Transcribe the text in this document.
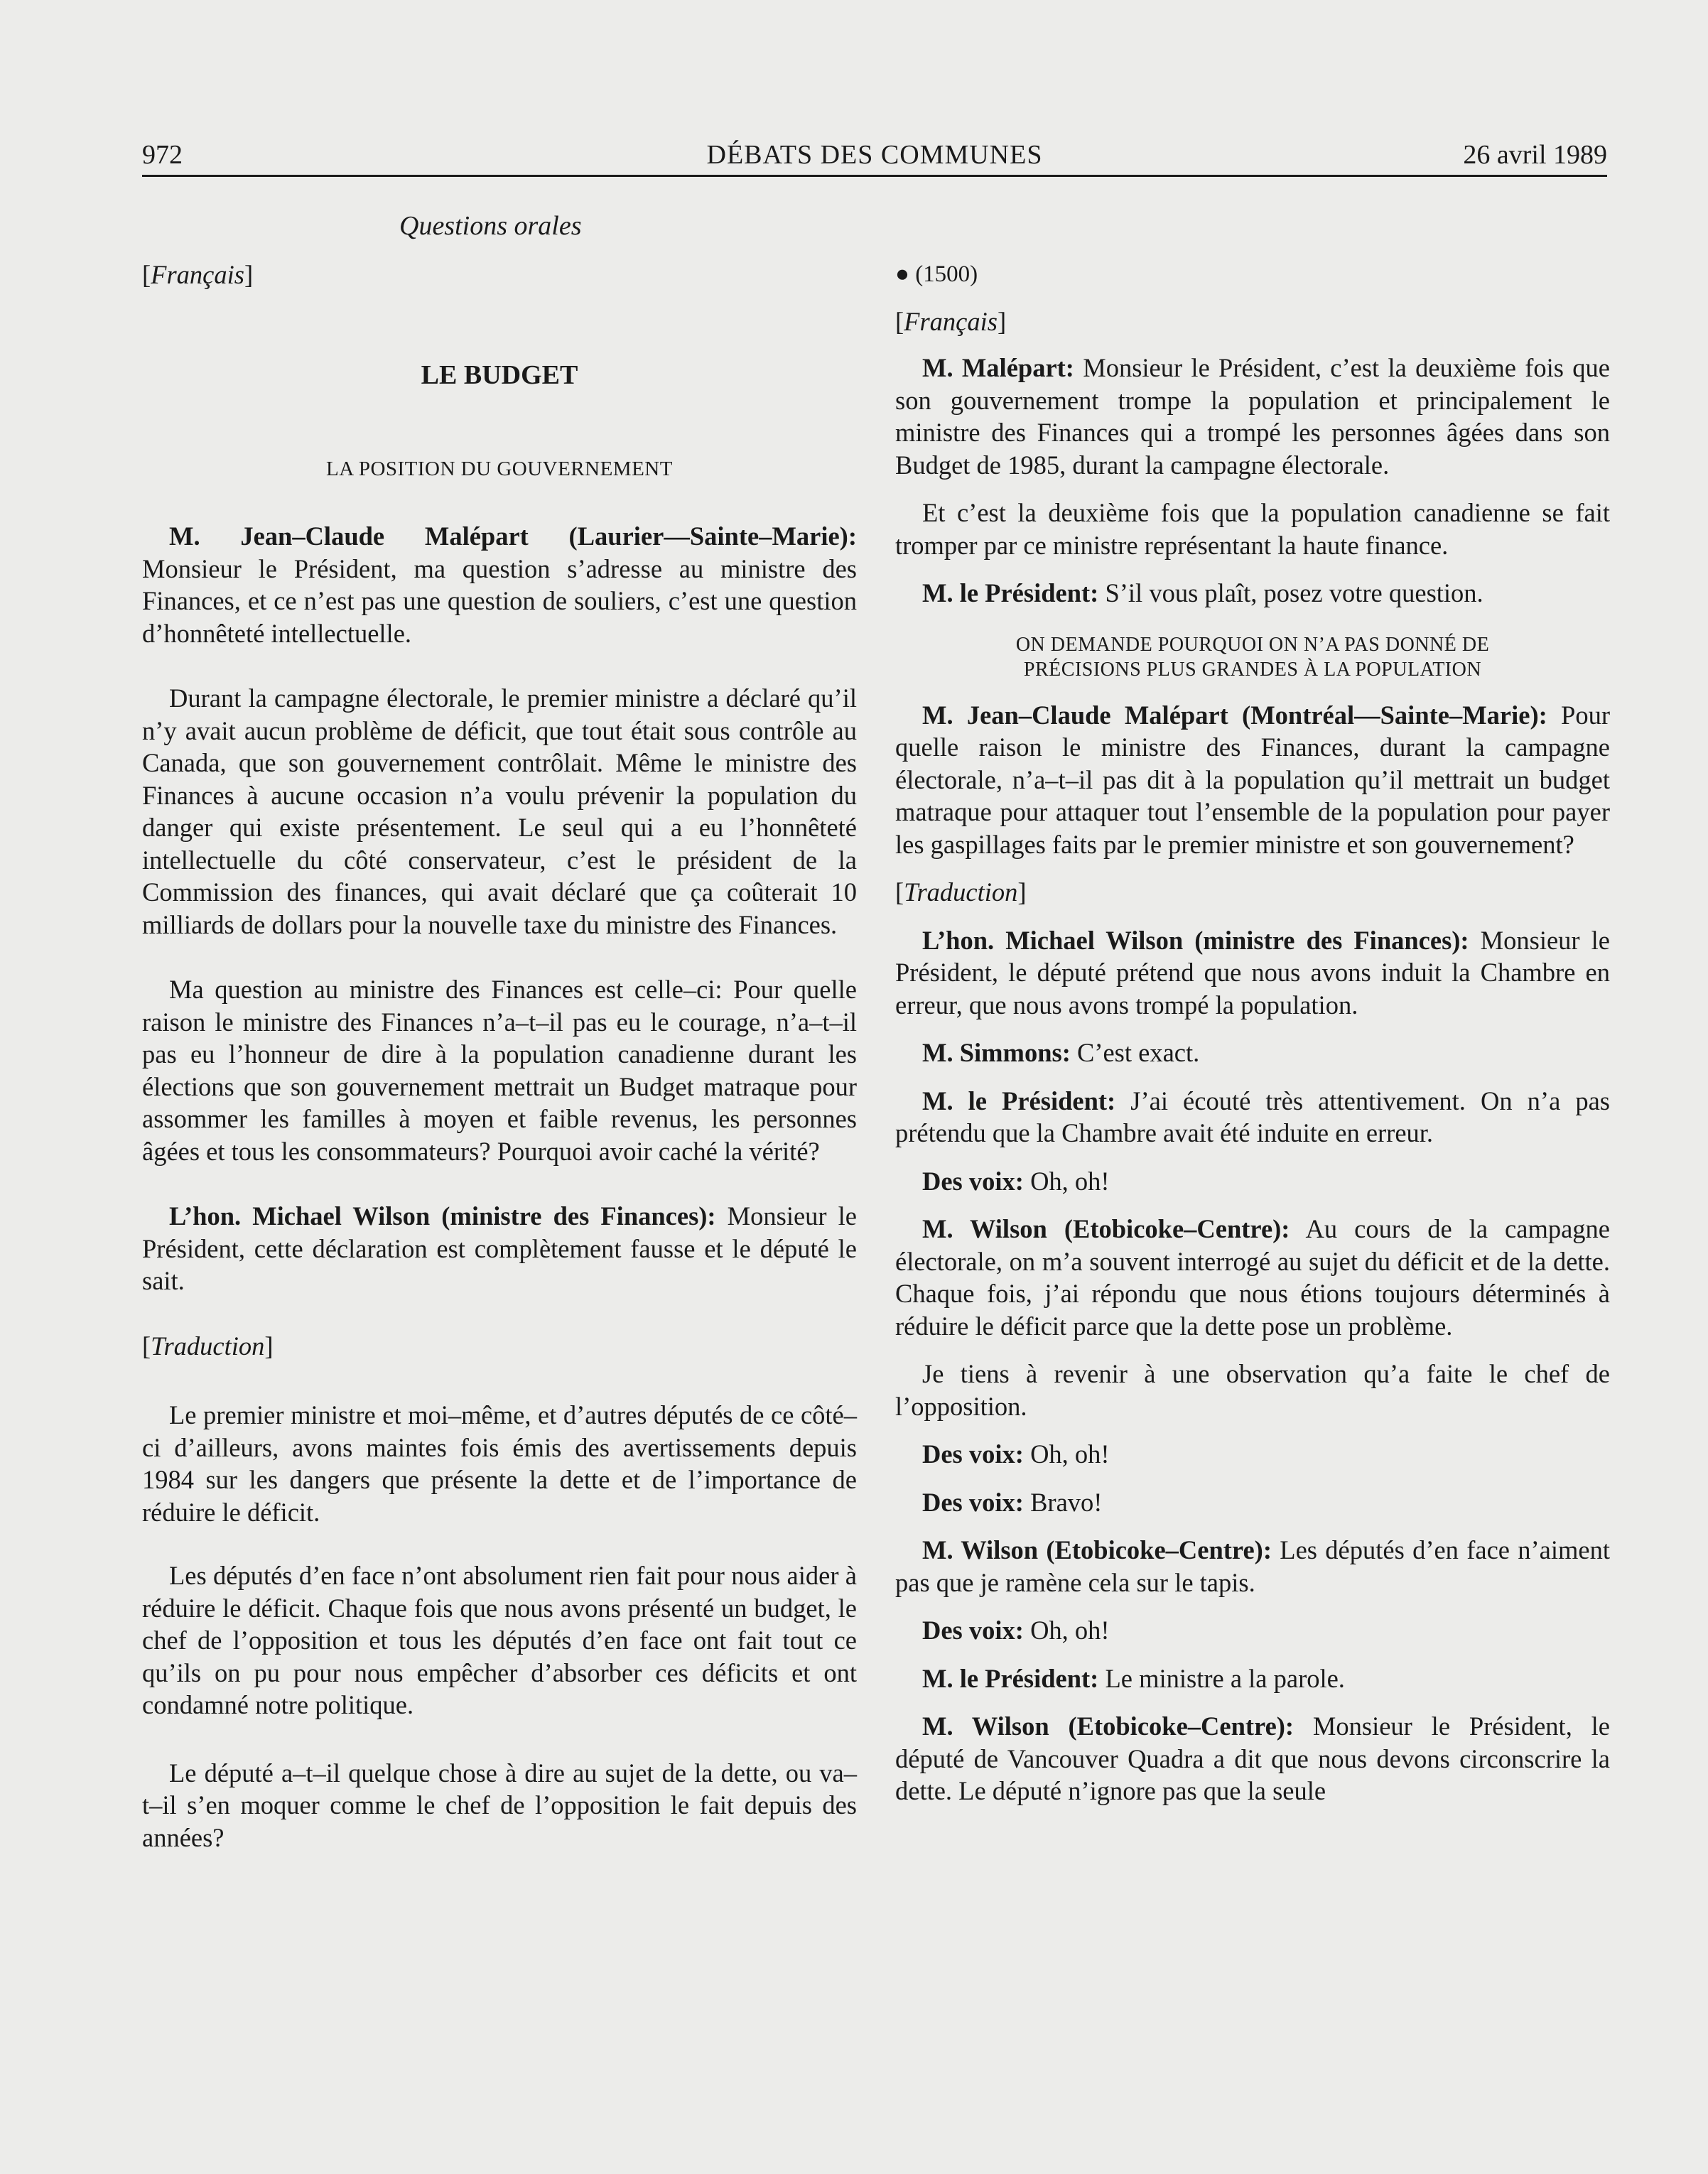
972	DÉBATS DES COMMUNES	26 avril 1989
Questions orales

[Français]

LE BUDGET

LA POSITION DU GOUVERNEMENT

M. Jean–Claude Malépart (Laurier—Sainte–Marie): Monsieur le Président, ma question s’adresse au ministre des Finances, et ce n’est pas une question de souliers, c’est une question d’honnêteté intellectuelle.

Durant la campagne électorale, le premier ministre a déclaré qu’il n’y avait aucun problème de déficit, que tout était sous contrôle au Canada, que son gouvernement contrôlait. Même le ministre des Finances à aucune occasion n’a voulu prévenir la population du danger qui existe présentement. Le seul qui a eu l’honnêteté intellectuelle du côté conservateur, c’est le président de la Commission des finances, qui avait déclaré que ça coûterait 10 milliards de dollars pour la nouvelle taxe du ministre des Finances.

Ma question au ministre des Finances est celle–ci: Pour quelle raison le ministre des Finances n’a–t–il pas eu le courage, n’a–t–il pas eu l’honneur de dire à la population canadienne durant les élections que son gouvernement mettrait un Budget matraque pour assommer les familles à moyen et faible revenus, les personnes âgées et tous les consommateurs? Pourquoi avoir caché la vérité?

L’hon. Michael Wilson (ministre des Finances): Monsieur le Président, cette déclaration est complètement fausse et le député le sait.

[Traduction]

Le premier ministre et moi–même, et d’autres députés de ce côté–ci d’ailleurs, avons maintes fois émis des avertissements depuis 1984 sur les dangers que présente la dette et de l’importance de réduire le déficit.

Les députés d’en face n’ont absolument rien fait pour nous aider à réduire le déficit. Chaque fois que nous avons présenté un budget, le chef de l’opposition et tous les députés d’en face ont fait tout ce qu’ils on pu pour nous empêcher d’absorber ces déficits et ont condamné notre politique.

Le député a–t–il quelque chose à dire au sujet de la dette, ou va–t–il s’en moquer comme le chef de l’opposition le fait depuis des années?

● (1500)

[Français]

M. Malépart: Monsieur le Président, c’est la deuxième fois que son gouvernement trompe la population et principalement le ministre des Finances qui a trompé les personnes âgées dans son Budget de 1985, durant la campagne électorale.

Et c’est la deuxième fois que la population canadienne se fait tromper par ce ministre représentant la haute finance.

M. le Président: S’il vous plaît, posez votre question.

ON DEMANDE POURQUOI ON N’A PAS DONNÉ DE
PRÉCISIONS PLUS GRANDES À LA POPULATION

M. Jean–Claude Malépart (Montréal—Sainte–Marie): Pour quelle raison le ministre des Finances, durant la campagne électorale, n’a–t–il pas dit à la population qu’il mettrait un budget matraque pour attaquer tout l’ensemble de la population pour payer les gaspillages faits par le premier ministre et son gouvernement?

[Traduction]

L’hon. Michael Wilson (ministre des Finances): Monsieur le Président, le député prétend que nous avons induit la Chambre en erreur, que nous avons trompé la population.

M. Simmons: C’est exact.

M. le Président: J’ai écouté très attentivement. On n’a pas prétendu que la Chambre avait été induite en erreur.

Des voix: Oh, oh!

M. Wilson (Etobicoke–Centre): Au cours de la campagne électorale, on m’a souvent interrogé au sujet du déficit et de la dette. Chaque fois, j’ai répondu que nous étions toujours déterminés à réduire le déficit parce que la dette pose un problème.

Je tiens à revenir à une observation qu’a faite le chef de l’opposition.

Des voix: Oh, oh!

Des voix: Bravo!

M. Wilson (Etobicoke–Centre): Les députés d’en face n’aiment pas que je ramène cela sur le tapis.

Des voix: Oh, oh!

M. le Président: Le ministre a la parole.

M. Wilson (Etobicoke–Centre): Monsieur le Président, le député de Vancouver Quadra a dit que nous devons circonscrire la dette. Le député n’ignore pas que la seule
